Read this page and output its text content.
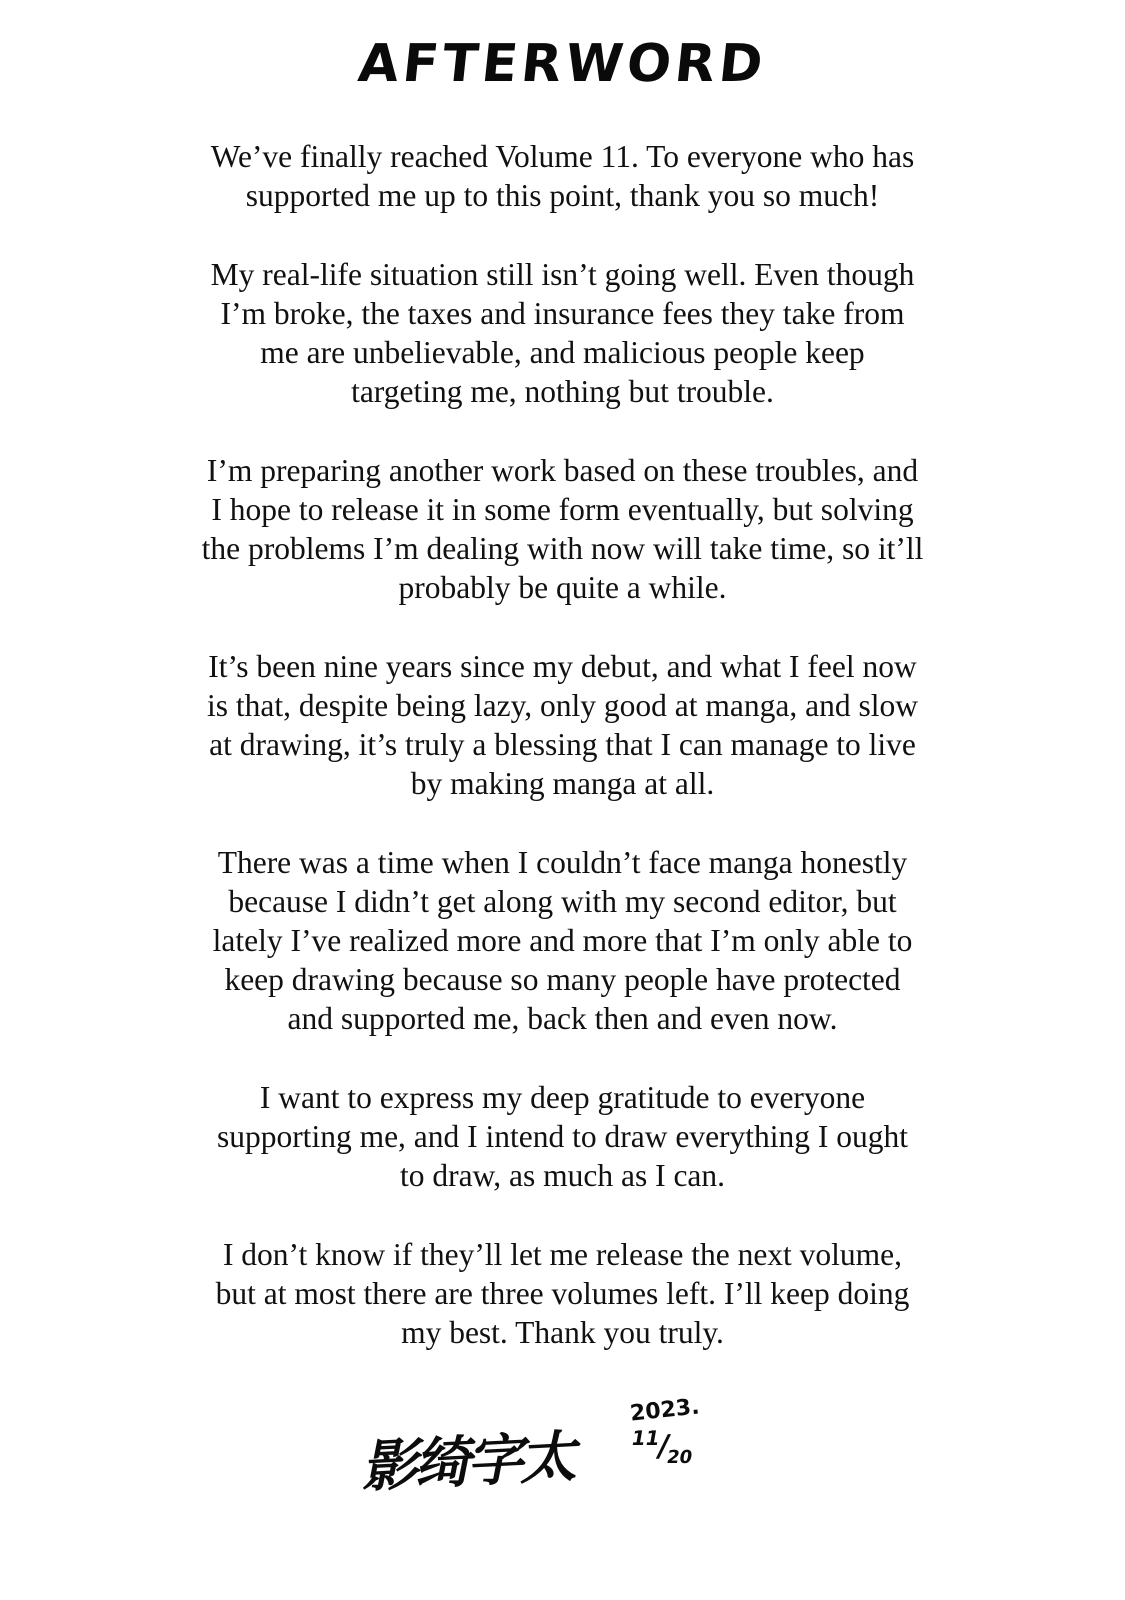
AFTERWORD
We’ve finally reached Volume 11. To everyone who has
supported me up to this point, thank you so much!
My real-life situation still isn’t going well. Even though
I’m broke, the taxes and insurance fees they take from
me are unbelievable, and malicious people keep
targeting me, nothing but trouble.
I’m preparing another work based on these troubles, and
I hope to release it in some form eventually, but solving
the problems I’m dealing with now will take time, so it’ll
probably be quite a while.
It’s been nine years since my debut, and what I feel now
is that, despite being lazy, only good at manga, and slow
at drawing, it’s truly a blessing that I can manage to live
by making manga at all.
There was a time when I couldn’t face manga honestly
because I didn’t get along with my second editor, but
lately I’ve realized more and more that I’m only able to
keep drawing because so many people have protected
and supported me, back then and even now.
I want to express my deep gratitude to everyone
supporting me, and I intend to draw everything I ought
to draw, as much as I can.
I don’t know if they’ll let me release the next volume,
but at most there are three volumes left. I’ll keep doing
my best. Thank you truly.
影绮字太
2023.
$^{11}/_{20}$
